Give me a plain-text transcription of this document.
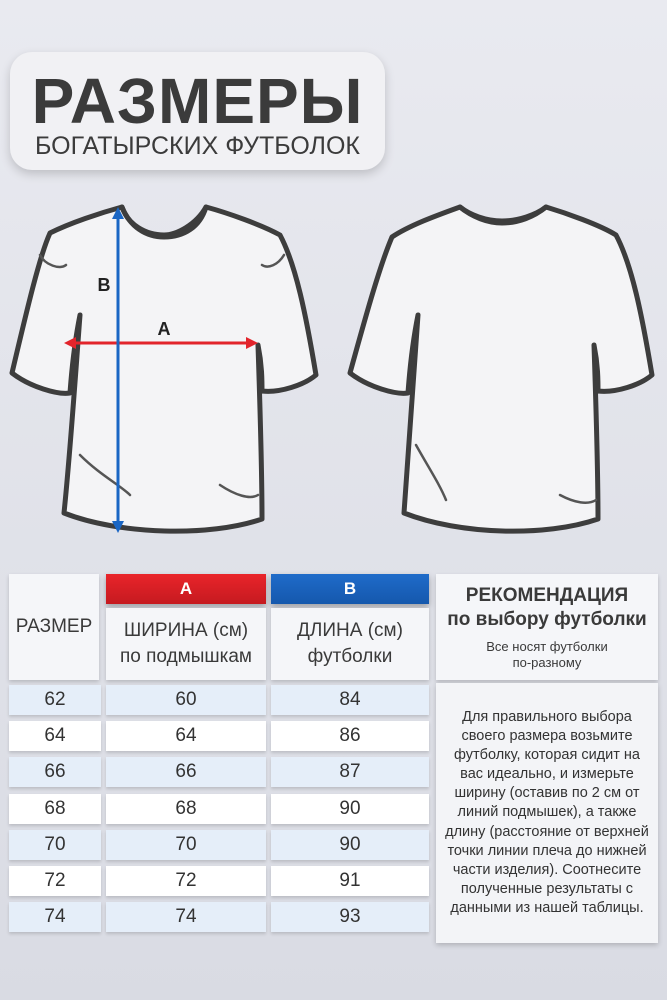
РАЗМЕРЫ
БОГАТЫРСКИХ ФУТБОЛОК
A
B
РАЗМЕР
A	B
ШИРИНА (см)
по подмышкам
ДЛИНА (см)
футболки
РЕКОМЕНДАЦИЯ
по выбору футболки
Все носят футболки
по-разному
62	60	84
64	64	86
66	66	87
68	68	90
70	70	90
72	72	91
74	74	93
Для правильного выбора своего размера возьмите футболку, которая сидит на вас идеально, и измерьте ширину (оставив по 2 см от линий подмышек), а также длину (расстояние от верхней точки линии плеча до нижней части изделия). Соотнесите полученные результаты с данными из нашей таблицы.
